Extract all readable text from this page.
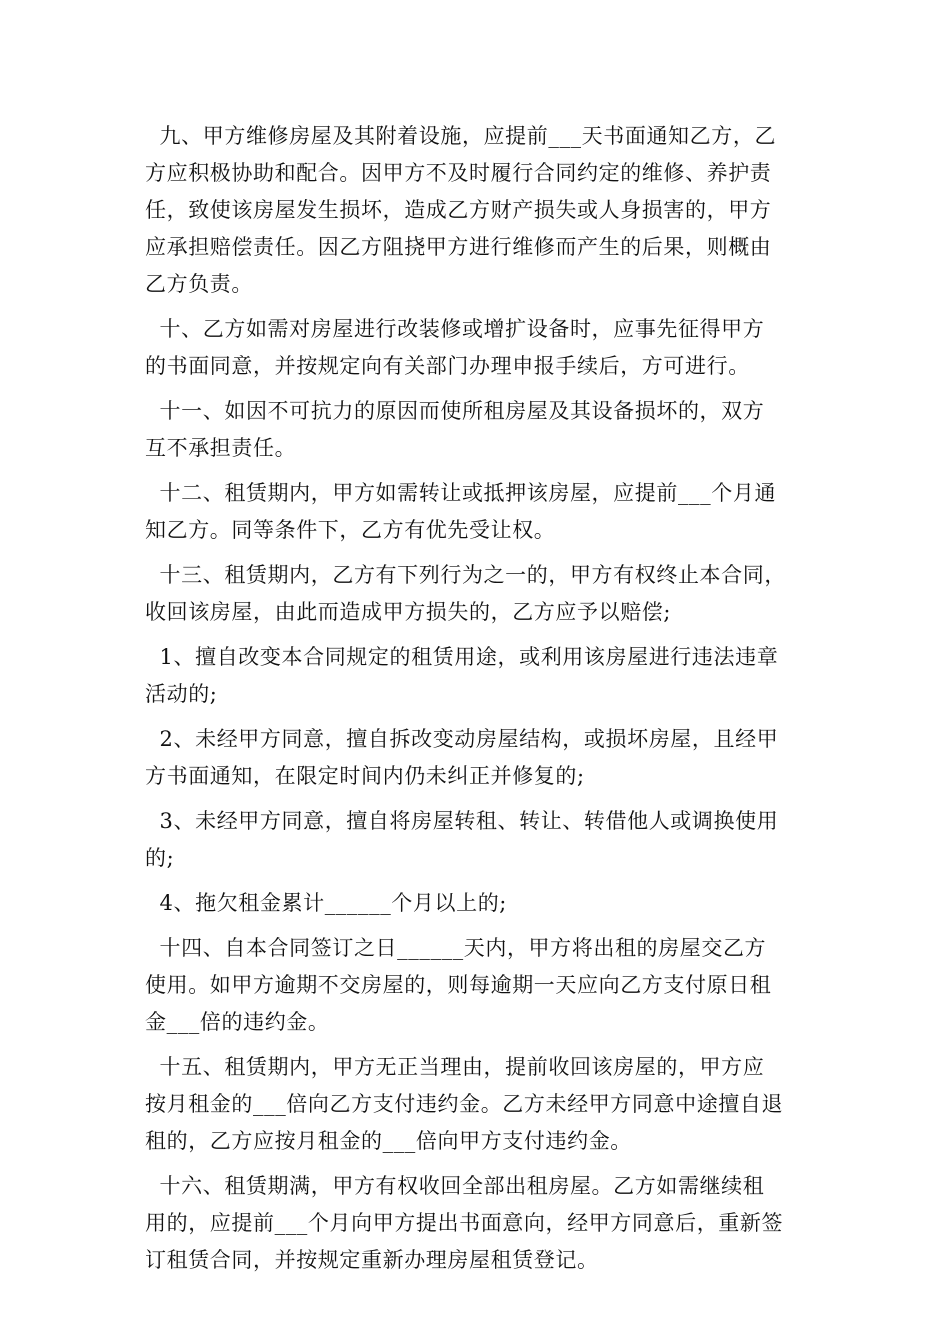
九、甲方维修房屋及其附着设施，应提前___天书面通知乙方，乙
方应积极协助和配合。因甲方不及时履行合同约定的维修、养护责
任，致使该房屋发生损坏，造成乙方财产损失或人身损害的，甲方
应承担赔偿责任。因乙方阻挠甲方进行维修而产生的后果，则概由
乙方负责。
十、乙方如需对房屋进行改装修或增扩设备时，应事先征得甲方
的书面同意，并按规定向有关部门办理申报手续后，方可进行。
十一、如因不可抗力的原因而使所租房屋及其设备损坏的，双方
互不承担责任。
十二、租赁期内，甲方如需转让或抵押该房屋，应提前___个月通
知乙方。同等条件下，乙方有优先受让权。
十三、租赁期内，乙方有下列行为之一的，甲方有权终止本合同，
收回该房屋，由此而造成甲方损失的，乙方应予以赔偿;
1、擅自改变本合同规定的租赁用途，或利用该房屋进行违法违章
活动的;
2、未经甲方同意，擅自拆改变动房屋结构，或损坏房屋，且经甲
方书面通知，在限定时间内仍未纠正并修复的;
3、未经甲方同意，擅自将房屋转租、转让、转借他人或调换使用
的;
4、拖欠租金累计______个月以上的;
十四、自本合同签订之日______天内，甲方将出租的房屋交乙方
使用。如甲方逾期不交房屋的，则每逾期一天应向乙方支付原日租
金___倍的违约金。
十五、租赁期内，甲方无正当理由，提前收回该房屋的，甲方应
按月租金的___倍向乙方支付违约金。乙方未经甲方同意中途擅自退
租的，乙方应按月租金的___倍向甲方支付违约金。
十六、租赁期满，甲方有权收回全部出租房屋。乙方如需继续租
用的，应提前___个月向甲方提出书面意向，经甲方同意后，重新签
订租赁合同，并按规定重新办理房屋租赁登记。
